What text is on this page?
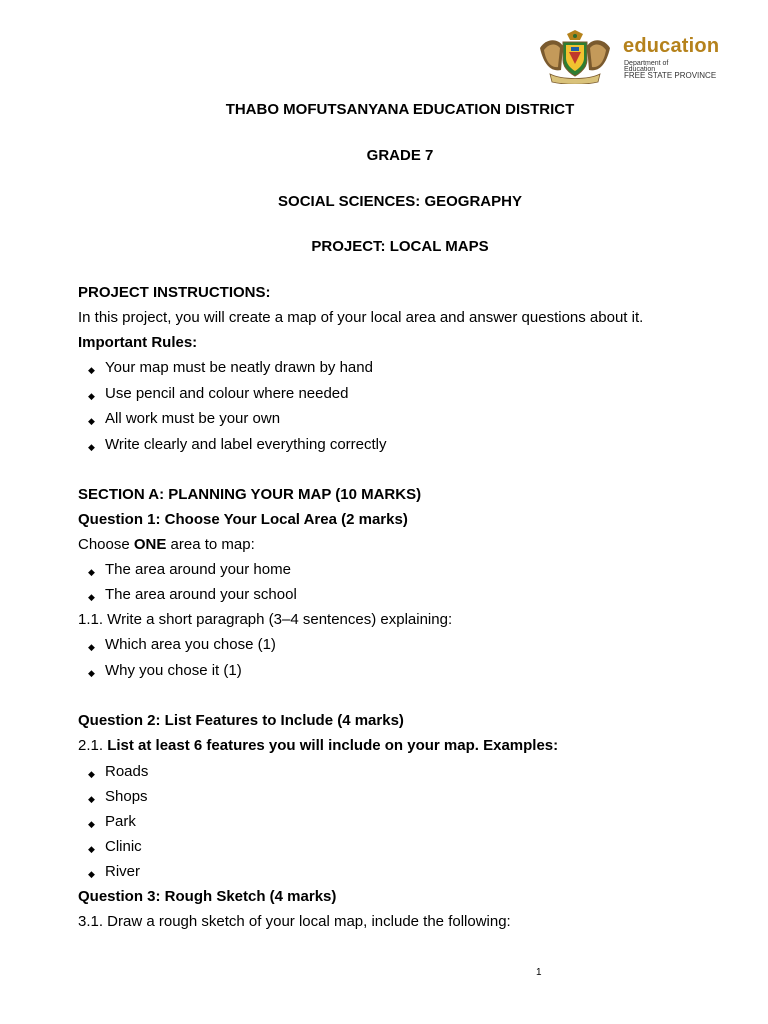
education
Department of
Education
FREE STATE PROVINCE
THABO MOFUTSANYANA EDUCATION DISTRICT
GRADE 7
SOCIAL SCIENCES: GEOGRAPHY
PROJECT: LOCAL MAPS
PROJECT INSTRUCTIONS:
In this project, you will create a map of your local area and answer questions about it.
Important Rules:
◆ Your map must be neatly drawn by hand
◆ Use pencil and colour where needed
◆ All work must be your own
◆ Write clearly and label everything correctly
SECTION A: PLANNING YOUR MAP (10 MARKS)
Question 1: Choose Your Local Area (2 marks)
Choose ONE area to map:
◆ The area around your home
◆ The area around your school
1.1. Write a short paragraph (3–4 sentences) explaining:
◆ Which area you chose (1)
◆ Why you chose it (1)
Question 2: List Features to Include (4 marks)
2.1. List at least 6 features you will include on your map. Examples:
◆ Roads
◆ Shops
◆ Park
◆ Clinic
◆ River
Question 3: Rough Sketch (4 marks)
3.1. Draw a rough sketch of your local map, include the following:
1
